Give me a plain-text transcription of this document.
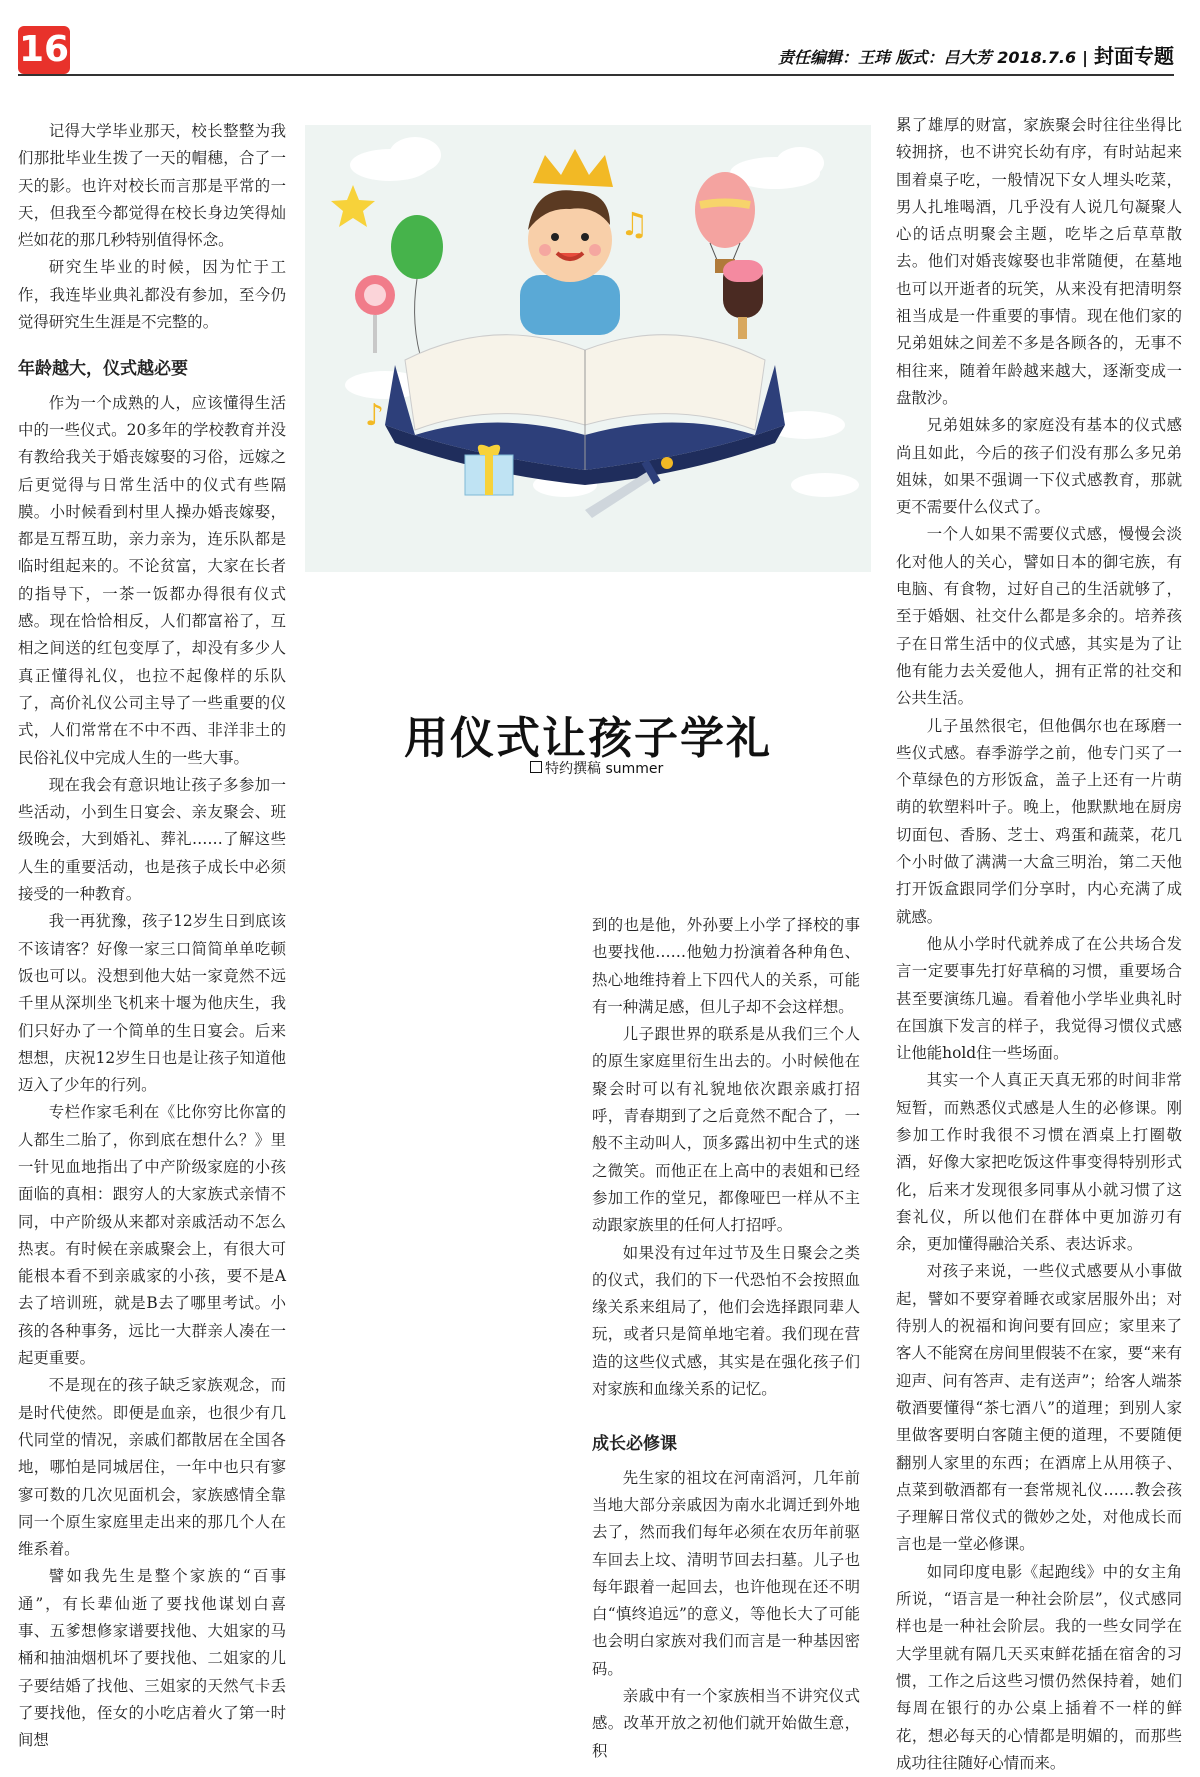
16	责任编辑：王玮 版式：吕大芳 2018.7.6 | 封面专题

记得大学毕业那天，校长整整为我们那批毕业生拨了一天的帽穗，合了一天的影。也许对校长而言那是平常的一天，但我至今都觉得在校长身边笑得灿烂如花的那几秒特别值得怀念。

研究生毕业的时候，因为忙于工作，我连毕业典礼都没有参加，至今仍觉得研究生生涯是不完整的。

年龄越大，仪式越必要

作为一个成熟的人，应该懂得生活中的一些仪式。20多年的学校教育并没有教给我关于婚丧嫁娶的习俗，远嫁之后更觉得与日常生活中的仪式有些隔膜。小时候看到村里人操办婚丧嫁娶，都是互帮互助，亲力亲为，连乐队都是临时组起来的。不论贫富，大家在长者的指导下，一茶一饭都办得很有仪式感。现在恰恰相反，人们都富裕了，互相之间送的红包变厚了，却没有多少人真正懂得礼仪，也拉不起像样的乐队了，高价礼仪公司主导了一些重要的仪式，人们常常在不中不西、非洋非土的民俗礼仪中完成人生的一些大事。

现在我会有意识地让孩子多参加一些活动，小到生日宴会、亲友聚会、班级晚会，大到婚礼、葬礼……了解这些人生的重要活动，也是孩子成长中必须接受的一种教育。

我一再犹豫，孩子12岁生日到底该不该请客？好像一家三口简简单单吃顿饭也可以。没想到他大姑一家竟然不远千里从深圳坐飞机来十堰为他庆生，我们只好办了一个简单的生日宴会。后来想想，庆祝12岁生日也是让孩子知道他迈入了少年的行列。

专栏作家毛利在《比你穷比你富的人都生二胎了，你到底在想什么？》里一针见血地指出了中产阶级家庭的小孩面临的真相：跟穷人的大家族式亲情不同，中产阶级从来都对亲戚活动不怎么热衷。有时候在亲戚聚会上，有很大可能根本看不到亲戚家的小孩，要不是A去了培训班，就是B去了哪里考试。小孩的各种事务，远比一大群亲人凑在一起更重要。

不是现在的孩子缺乏家族观念，而是时代使然。即便是血亲，也很少有几代同堂的情况，亲戚们都散居在全国各地，哪怕是同城居住，一年中也只有寥寥可数的几次见面机会，家族感情全靠同一个原生家庭里走出来的那几个人在维系着。

譬如我先生是整个家族的“百事通”，有长辈仙逝了要找他谋划白喜事、五爹想修家谱要找他、大姐家的马桶和抽油烟机坏了要找他、二姐家的儿子要结婚了找他、三姐家的天然气卡丢了要找他，侄女的小吃店着火了第一时间想

♫
♪
用仪式让孩子学礼
特约撰稿 summer

到的也是他，外孙要上小学了择校的事也要找他……他勉力扮演着各种角色、热心地维持着上下四代人的关系，可能有一种满足感，但儿子却不会这样想。

儿子跟世界的联系是从我们三个人的原生家庭里衍生出去的。小时候他在聚会时可以有礼貌地依次跟亲戚打招呼，青春期到了之后竟然不配合了，一般不主动叫人，顶多露出初中生式的迷之微笑。而他正在上高中的表姐和已经参加工作的堂兄，都像哑巴一样从不主动跟家族里的任何人打招呼。

如果没有过年过节及生日聚会之类的仪式，我们的下一代恐怕不会按照血缘关系来组局了，他们会选择跟同辈人玩，或者只是简单地宅着。我们现在营造的这些仪式感，其实是在强化孩子们对家族和血缘关系的记忆。

成长必修课

先生家的祖坟在河南滔河，几年前当地大部分亲戚因为南水北调迁到外地去了，然而我们每年必须在农历年前驱车回去上坟、清明节回去扫墓。儿子也每年跟着一起回去，也许他现在还不明白“慎终追远”的意义，等他长大了可能也会明白家族对我们而言是一种基因密码。

亲戚中有一个家族相当不讲究仪式感。改革开放之初他们就开始做生意，积

累了雄厚的财富，家族聚会时往往坐得比较拥挤，也不讲究长幼有序，有时站起来围着桌子吃，一般情况下女人埋头吃菜，男人扎堆喝酒，几乎没有人说几句凝聚人心的话点明聚会主题，吃毕之后草草散去。他们对婚丧嫁娶也非常随便，在墓地也可以开逝者的玩笑，从来没有把清明祭祖当成是一件重要的事情。现在他们家的兄弟姐妹之间差不多是各顾各的，无事不相往来，随着年龄越来越大，逐渐变成一盘散沙。

兄弟姐妹多的家庭没有基本的仪式感尚且如此，今后的孩子们没有那么多兄弟姐妹，如果不强调一下仪式感教育，那就更不需要什么仪式了。

一个人如果不需要仪式感，慢慢会淡化对他人的关心，譬如日本的御宅族，有电脑、有食物，过好自己的生活就够了，至于婚姻、社交什么都是多余的。培养孩子在日常生活中的仪式感，其实是为了让他有能力去关爱他人，拥有正常的社交和公共生活。

儿子虽然很宅，但他偶尔也在琢磨一些仪式感。春季游学之前，他专门买了一个草绿色的方形饭盒，盖子上还有一片萌萌的软塑料叶子。晚上，他默默地在厨房切面包、香肠、芝士、鸡蛋和蔬菜，花几个小时做了满满一大盒三明治，第二天他打开饭盒跟同学们分享时，内心充满了成就感。

他从小学时代就养成了在公共场合发言一定要事先打好草稿的习惯，重要场合甚至要演练几遍。看着他小学毕业典礼时在国旗下发言的样子，我觉得习惯仪式感让他能hold住一些场面。

其实一个人真正天真无邪的时间非常短暂，而熟悉仪式感是人生的必修课。刚参加工作时我很不习惯在酒桌上打圈敬酒，好像大家把吃饭这件事变得特别形式化，后来才发现很多同事从小就习惯了这套礼仪，所以他们在群体中更加游刃有余，更加懂得融洽关系、表达诉求。

对孩子来说，一些仪式感要从小事做起，譬如不要穿着睡衣或家居服外出；对待别人的祝福和询问要有回应；家里来了客人不能窝在房间里假装不在家，要“来有迎声、问有答声、走有送声”；给客人端茶敬酒要懂得“茶七酒八”的道理；到别人家里做客要明白客随主便的道理，不要随便翻别人家里的东西；在酒席上从用筷子、点菜到敬酒都有一套常规礼仪……教会孩子理解日常仪式的微妙之处，对他成长而言也是一堂必修课。

如同印度电影《起跑线》中的女主角所说，“语言是一种社会阶层”，仪式感同样也是一种社会阶层。我的一些女同学在大学里就有隔几天买束鲜花插在宿舍的习惯，工作之后这些习惯仍然保持着，她们每周在银行的办公桌上插着不一样的鲜花，想必每天的心情都是明媚的，而那些成功往往随好心情而来。
